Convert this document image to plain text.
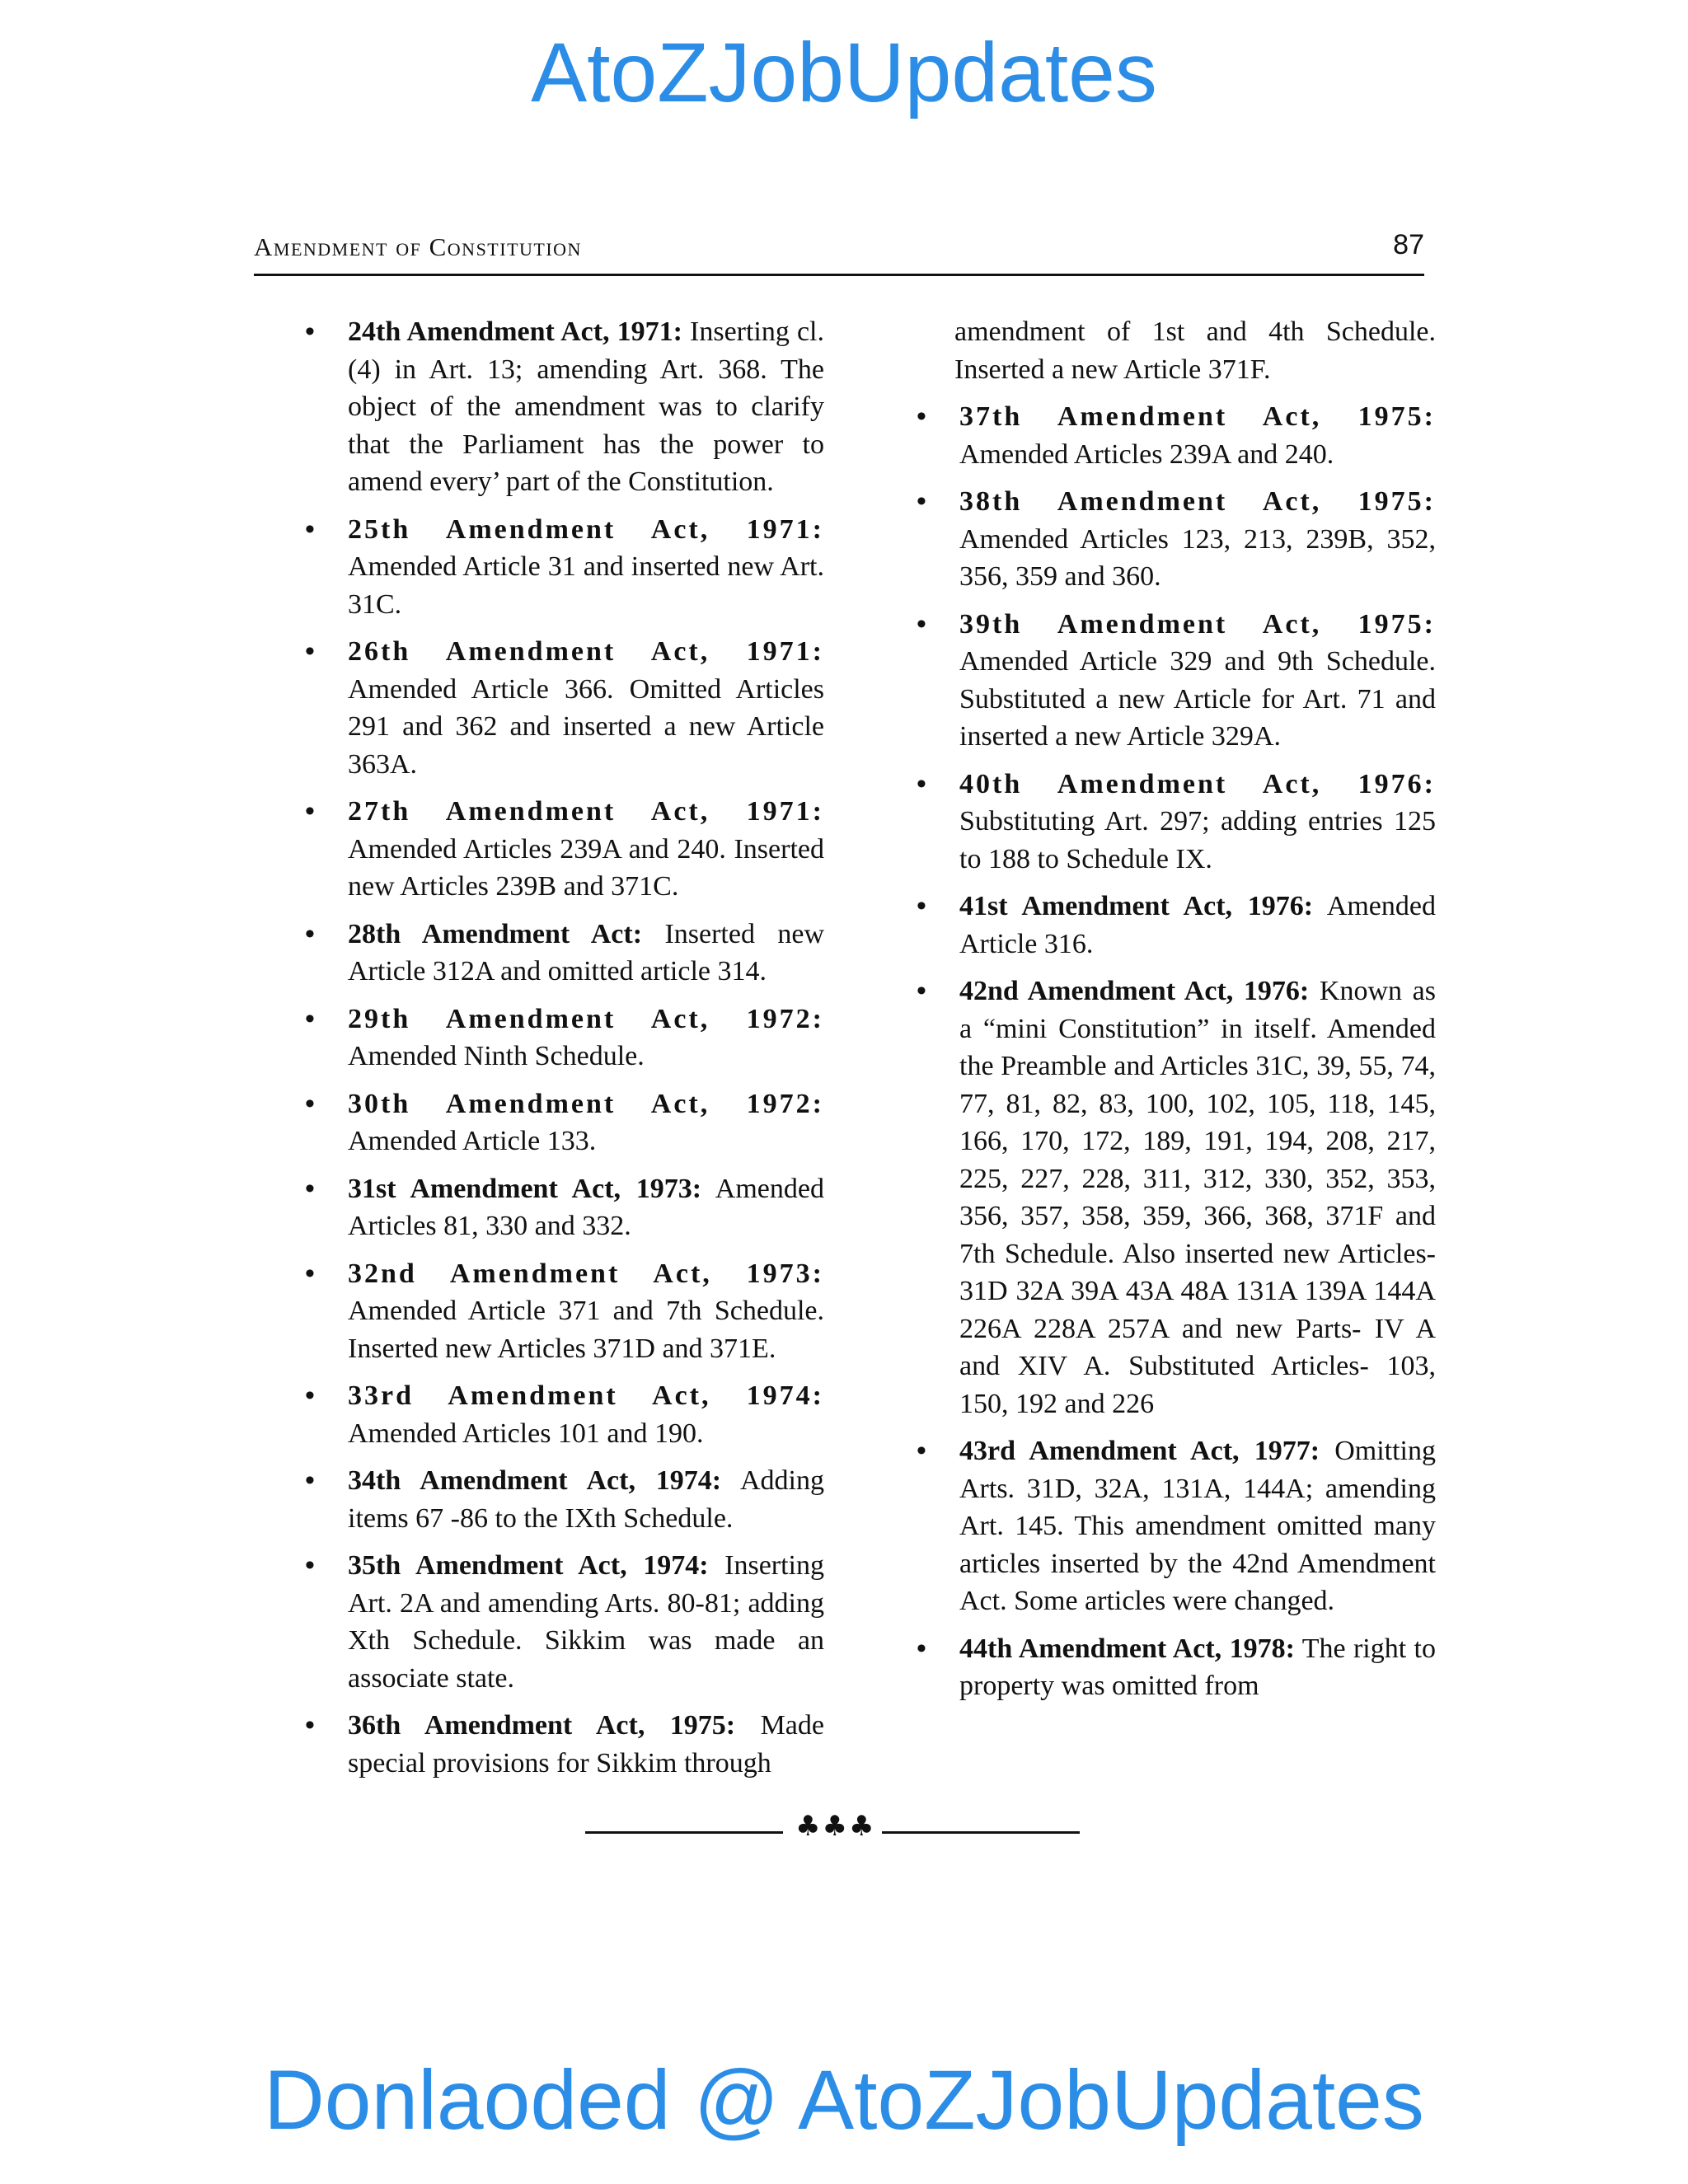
AtoZJobUpdates
Amendment of Constitution	87
• 24th Amendment Act, 1971: Inserting cl. (4) in Art. 13; amending Art. 368. The object of the amendment was to clarify that the Parliament has the power to amend every’ part of the Constitution.
• 25th Amendment Act, 1971: Amended Article 31 and inserted new Art. 31C.
• 26th Amendment Act, 1971: Amended Article 366. Omitted Articles 291 and 362 and inserted a new Article 363A.
• 27th Amendment Act, 1971: Amended Articles 239A and 240. Inserted new Articles 239B and 371C.
• 28th Amendment Act: Inserted new Article 312A and omitted article 314.
• 29th Amendment Act, 1972: Amended Ninth Schedule.
• 30th Amendment Act, 1972: Amended Article 133.
• 31st Amendment Act, 1973: Amended Articles 81, 330 and 332.
• 32nd Amendment Act, 1973: Amended Article 371 and 7th Schedule. Inserted new Articles 371D and 371E.
• 33rd Amendment Act, 1974: Amended Articles 101 and 190.
• 34th Amendment Act, 1974: Adding items 67 -86 to the IXth Schedule.
• 35th Amendment Act, 1974: Inserting Art. 2A and amending Arts. 80-81; adding Xth Schedule. Sikkim was made an associate state.
• 36th Amendment Act, 1975: Made special provisions for Sikkim through
amendment of 1st and 4th Schedule. Inserted a new Article 371F.
• 37th Amendment Act, 1975: Amended Articles 239A and 240.
• 38th Amendment Act, 1975: Amended Articles 123, 213, 239B, 352, 356, 359 and 360.
• 39th Amendment Act, 1975: Amended Article 329 and 9th Schedule. Substituted a new Article for Art. 71 and inserted a new Article 329A.
• 40th Amendment Act, 1976: Substituting Art. 297; adding entries 125 to 188 to Schedule IX.
• 41st Amendment Act, 1976: Amended Article 316.
• 42nd Amendment Act, 1976: Known as a “mini Constitution” in itself. Amended the Preamble and Articles 31C, 39, 55, 74, 77, 81, 82, 83, 100, 102, 105, 118, 145, 166, 170, 172, 189, 191, 194, 208, 217, 225, 227, 228, 311, 312, 330, 352, 353, 356, 357, 358, 359, 366, 368, 371F and 7th Schedule. Also inserted new Articles- 31D 32A 39A 43A 48A 131A 139A 144A 226A 228A 257A and new Parts- IV A and XIV A. Substituted Articles- 103, 150, 192 and 226
• 43rd Amendment Act, 1977: Omitting Arts. 31D, 32A, 131A, 144A; amending Art. 145. This amendment omitted many articles inserted by the 42nd Amendment Act. Some articles were changed.
• 44th Amendment Act, 1978: The right to property was omitted from
♣♣♣
Donlaoded @ AtoZJobUpdates
